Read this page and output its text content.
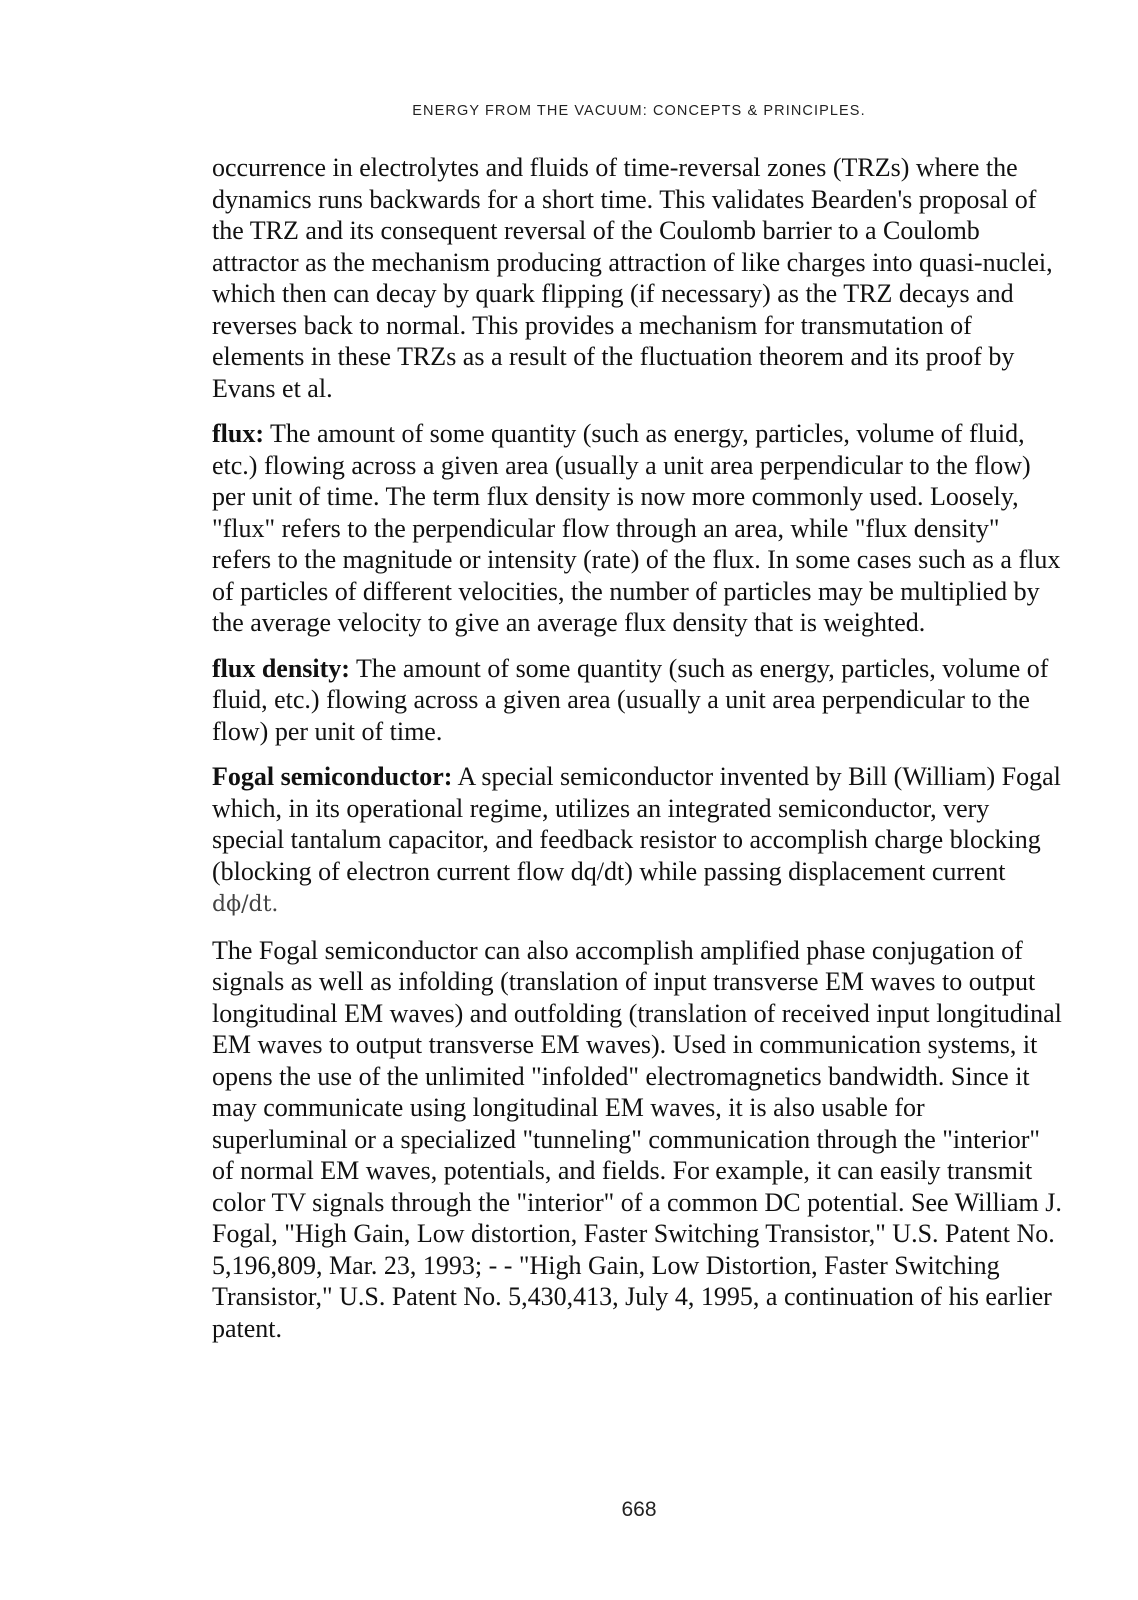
ENERGY FROM THE VACUUM: CONCEPTS & PRINCIPLES.

occurrence in electrolytes and fluids of time-reversal zones (TRZs) where the dynamics runs backwards for a short time. This validates Bearden's proposal of the TRZ and its consequent reversal of the Coulomb barrier to a Coulomb attractor as the mechanism producing attraction of like charges into quasi-nuclei, which then can decay by quark flipping (if necessary) as the TRZ decays and reverses back to normal. This provides a mechanism for transmutation of elements in these TRZs as a result of the fluctuation theorem and its proof by Evans et al.

flux: The amount of some quantity (such as energy, particles, volume of fluid, etc.) flowing across a given area (usually a unit area perpendicular to the flow) per unit of time. The term flux density is now more commonly used. Loosely, "flux" refers to the perpendicular flow through an area, while "flux density" refers to the magnitude or intensity (rate) of the flux. In some cases such as a flux of particles of different velocities, the number of particles may be multiplied by the average velocity to give an average flux density that is weighted.

flux density: The amount of some quantity (such as energy, particles, volume of fluid, etc.) flowing across a given area (usually a unit area perpendicular to the flow) per unit of time.

Fogal semiconductor: A special semiconductor invented by Bill (William) Fogal which, in its operational regime, utilizes an integrated semiconductor, very special tantalum capacitor, and feedback resistor to accomplish charge blocking (blocking of electron current flow dq/dt) while passing displacement current dϕ/dt.

The Fogal semiconductor can also accomplish amplified phase conjugation of signals as well as infolding (translation of input transverse EM waves to output longitudinal EM waves) and outfolding (translation of received input longitudinal EM waves to output transverse EM waves). Used in communication systems, it opens the use of the unlimited "infolded" electromagnetics bandwidth. Since it may communicate using longitudinal EM waves, it is also usable for superluminal or a specialized "tunneling" communication through the "interior" of normal EM waves, potentials, and fields. For example, it can easily transmit color TV signals through the "interior" of a common DC potential. See William J. Fogal, "High Gain, Low distortion, Faster Switching Transistor," U.S. Patent No. 5,196,809, Mar. 23, 1993; - - "High Gain, Low Distortion, Faster Switching Transistor," U.S. Patent No. 5,430,413, July 4, 1995, a continuation of his earlier patent.

668
